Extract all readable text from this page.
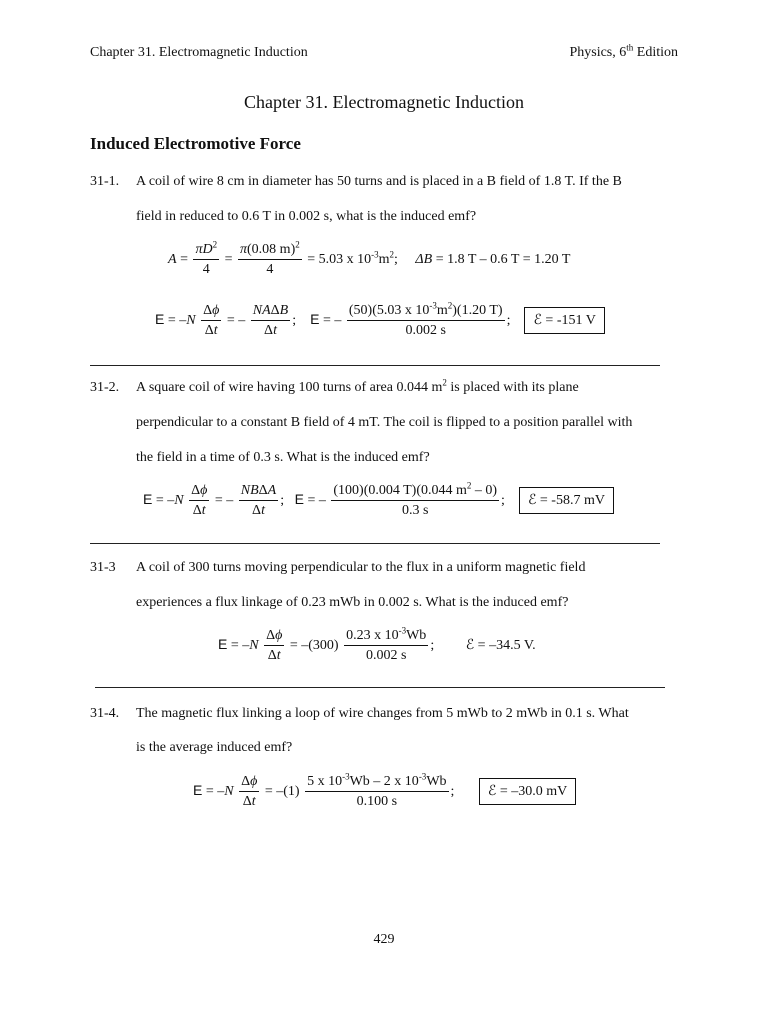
Chapter 31. Electromagnetic Induction	Physics, 6th Edition
Chapter 31. Electromagnetic Induction
Induced Electromotive Force
31-1. A coil of wire 8 cm in diameter has 50 turns and is placed in a B field of 1.8 T. If the B
field in reduced to 0.6 T in 0.002 s, what is the induced emf?
$A = \frac{\pi D^2}{4} = \frac{\pi(0.08 m)^2}{4} = 5.03$ x $10^{-3}m^2$;     ΔB = 1.8 T – 0.6 T = 1.20 T
$E = -N \frac{\Delta\phi}{\Delta t}$ = – $\frac{\text{NAΔB}}{\Delta t}$ ;    E = – $\frac{(50)(5.03 x 10^{-3}m^2)(1.20 T)}{0.002 s}$ ;    ℰ = -151 V
31-2. A square coil of wire having 100 turns of area 0.044 $m^2$ is placed with its plane
perpendicular to a constant B field of 4 mT. The coil is flipped to a position parallel with
the field in a time of 0.3 s. What is the induced emf?
$E = -N \frac{\Delta\phi}{\Delta t}$ = – $\frac{\text{NBΔA}}{\Delta t}$ ;   E = – $\frac{(100)(0.004 T)(0.044 m^2 - 0)}{0.3 s}$ ;    ℰ = -58.7 mV
31-3 A coil of 300 turns moving perpendicular to the flux in a uniform magnetic field
experiences a flux linkage of 0.23 mWb in 0.002 s. What is the induced emf?
$E = -N \frac{\Delta\phi}{\Delta t} = -(300) \frac{0.23 x 10^{-3}Wb}{0.002 s}$ ;         ℰ = –34.5 V.
31-4. The magnetic flux linking a loop of wire changes from 5 mWb to 2 mWb in 0.1 s. What
is the average induced emf?
$E = -N \frac{\Delta\phi}{\Delta t} = -(1) \frac{5 x 10^{-3}Wb - 2 x 10^{-3}Wb}{0.100 s}$ ;       ℰ = –30.0 mV
429
